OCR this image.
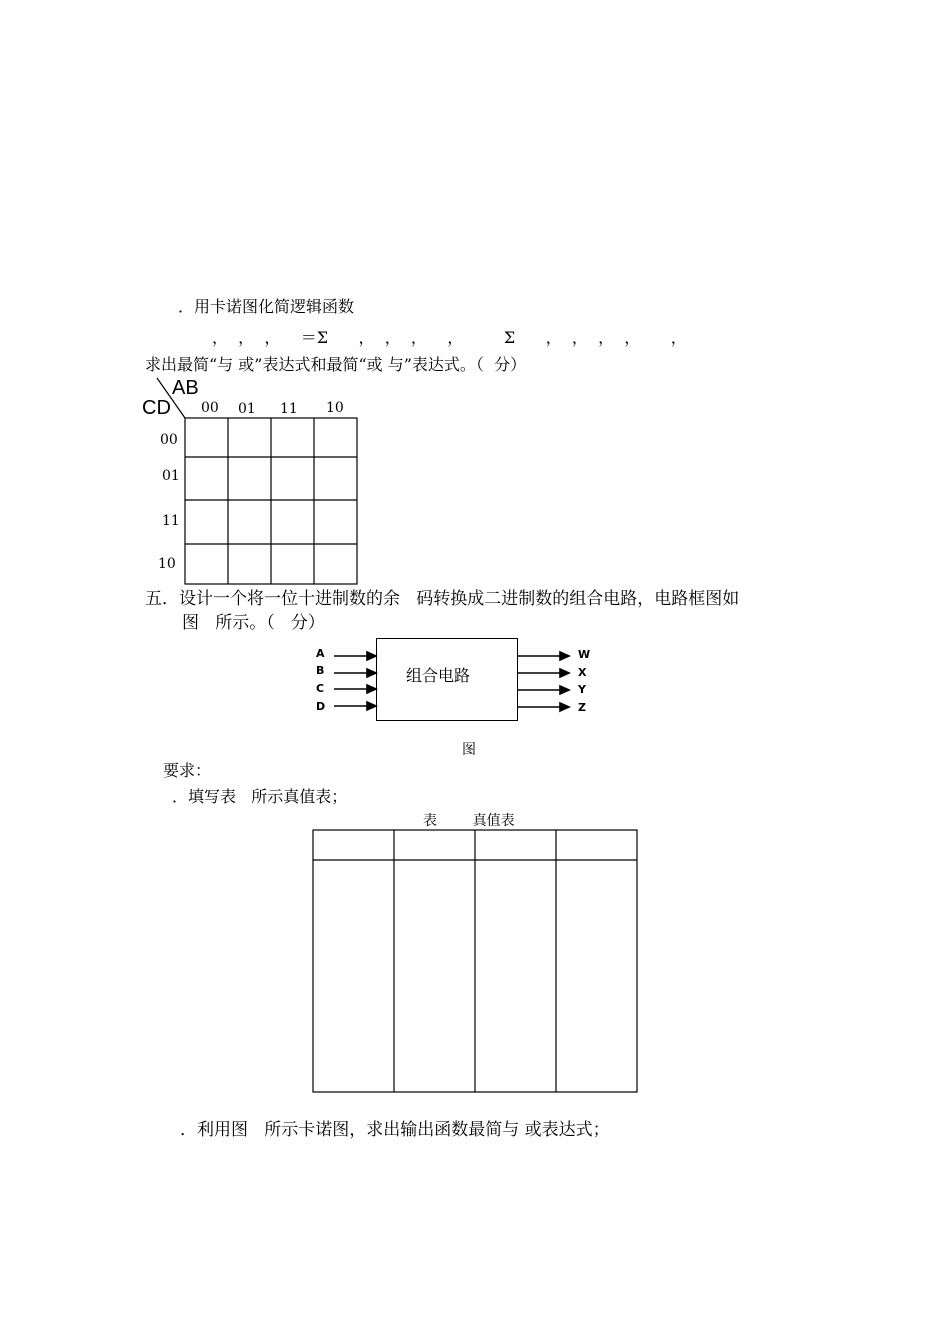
．用卡诺图化简逻辑函数
，  ，  ，    ＝Σ      ，  ，  ，    ，        Σ      ，  ，  ，  ，      ，
求出最简“与 或”表达式和最简“或 与”表达式。（  分）
AB
CD 00 01 11 10
00
01
11
10
五．设计一个将一位十进制数的余   码转换成二进制数的组合电路，电路框图如
图   所示。（   分）
组合电路
A
B
C
D
W
X
Y
Z
图
要求：
．填写表   所示真值表；
表        真值表
．利用图   所示卡诺图，求出输出函数最简与 或表达式；
